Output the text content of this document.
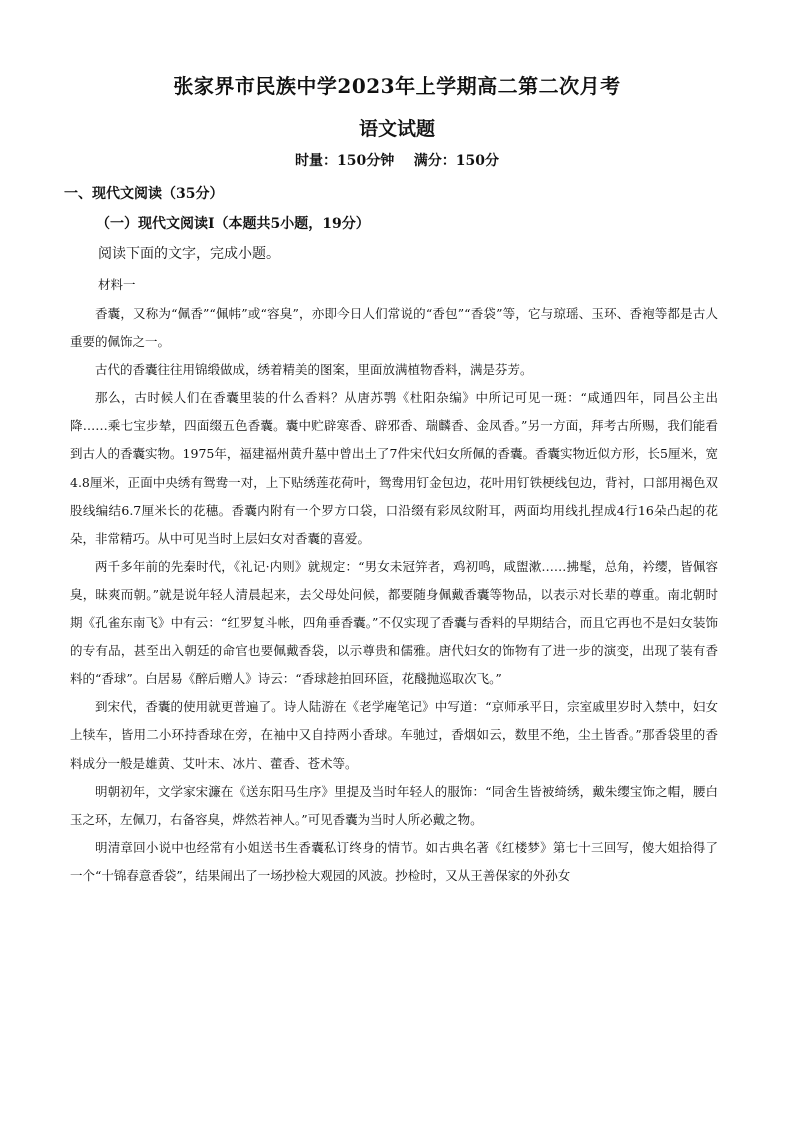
张家界市民族中学2023年上学期高二第二次月考
语文试题
时量：150分钟    满分：150分
一、现代文阅读（35分）
（一）现代文阅读Ⅰ（本题共5小题，19分）
阅读下面的文字，完成小题。
材料一

香囊，又称为“佩香”“佩帏”或“容臭”，亦即今日人们常说的“香包”“香袋”等，它与琼瑶、玉环、香袍等都是古人重要的佩饰之一。

古代的香囊往往用锦缎做成，绣着精美的图案，里面放满植物香料，满是芬芳。

那么，古时候人们在香囊里装的什么香料？从唐苏鹗《杜阳杂编》中所记可见一斑：“咸通四年，同昌公主出降……乘七宝步辇，四面缀五色香囊。囊中贮辟寒香、辟邪香、瑞麟香、金凤香。”另一方面，拜考古所赐，我们能看到古人的香囊实物。1975年，福建福州黄升墓中曾出土了7件宋代妇女所佩的香囊。香囊实物近似方形，长5厘米，宽4.8厘米，正面中央绣有鸳鸯一对，上下贴绣莲花荷叶，鸳鸯用钉金包边，花叶用钉铁梗线包边，背衬，口部用褐色双股线编结6.7厘米长的花穗。香囊内附有一个罗方口袋，口沿缀有彩凤纹附耳，两面均用线扎捏成4行16朵凸起的花朵，非常精巧。从中可见当时上层妇女对香囊的喜爱。

两千多年前的先秦时代，《礼记·内则》就规定：“男女未冠笄者，鸡初鸣，咸盥漱……拂髦，总角，衿缨，皆佩容臭，昧爽而朝。”就是说年轻人清晨起来，去父母处问候，都要随身佩戴香囊等物品，以表示对长辈的尊重。南北朝时期《孔雀东南飞》中有云：“红罗复斗帐，四角垂香囊。”不仅实现了香囊与香料的早期结合，而且它再也不是妇女装饰的专有品，甚至出入朝廷的命官也要佩戴香袋，以示尊贵和儒雅。唐代妇女的饰物有了进一步的演变，出现了装有香料的“香球”。白居易《醉后赠人》诗云：“香球趁拍回环匼，花醆抛巡取次飞。”

到宋代，香囊的使用就更普遍了。诗人陆游在《老学庵笔记》中写道：“京师承平日，宗室戚里岁时入禁中，妇女上犊车，皆用二小环持香球在旁，在袖中又自持两小香球。车驰过，香烟如云，数里不绝，尘土皆香。”那香袋里的香料成分一般是雄黄、艾叶末、冰片、藿香、苍术等。

明朝初年，文学家宋濂在《送东阳马生序》里提及当时年轻人的服饰：“同舍生皆被绮绣，戴朱缨宝饰之帽，腰白玉之环，左佩刀，右备容臭，烨然若神人。”可见香囊为当时人所必戴之物。

明清章回小说中也经常有小姐送书生香囊私订终身的情节。如古典名著《红楼梦》第七十三回写，傻大姐拾得了一个“十锦春意香袋”，结果闹出了一场抄检大观园的风波。抄检时，又从王善保家的外孙女
